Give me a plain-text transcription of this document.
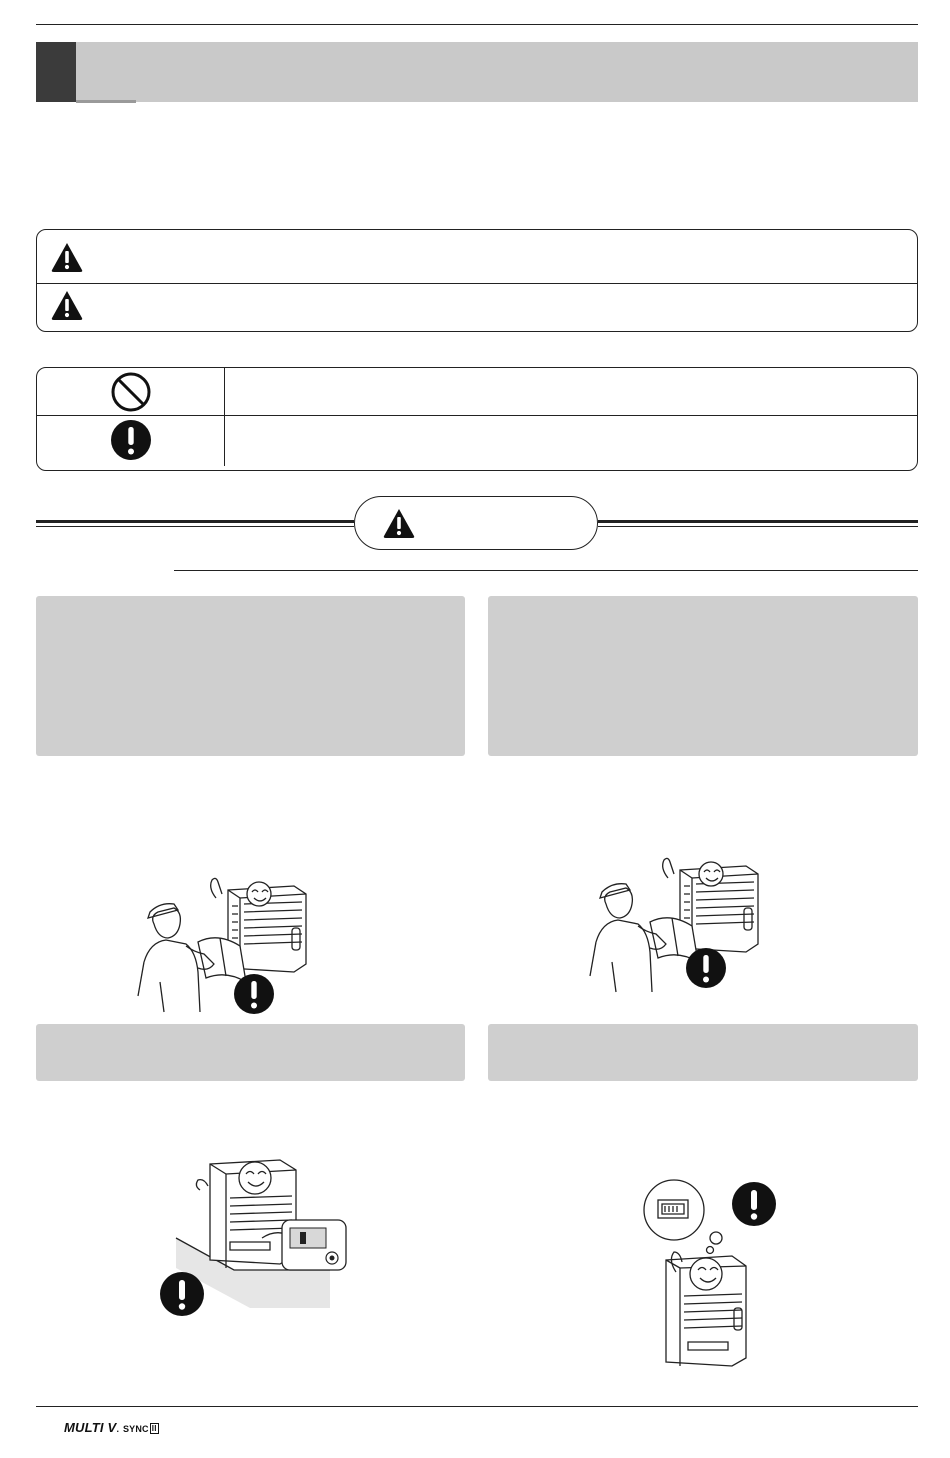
MULTI V. SYNC II
